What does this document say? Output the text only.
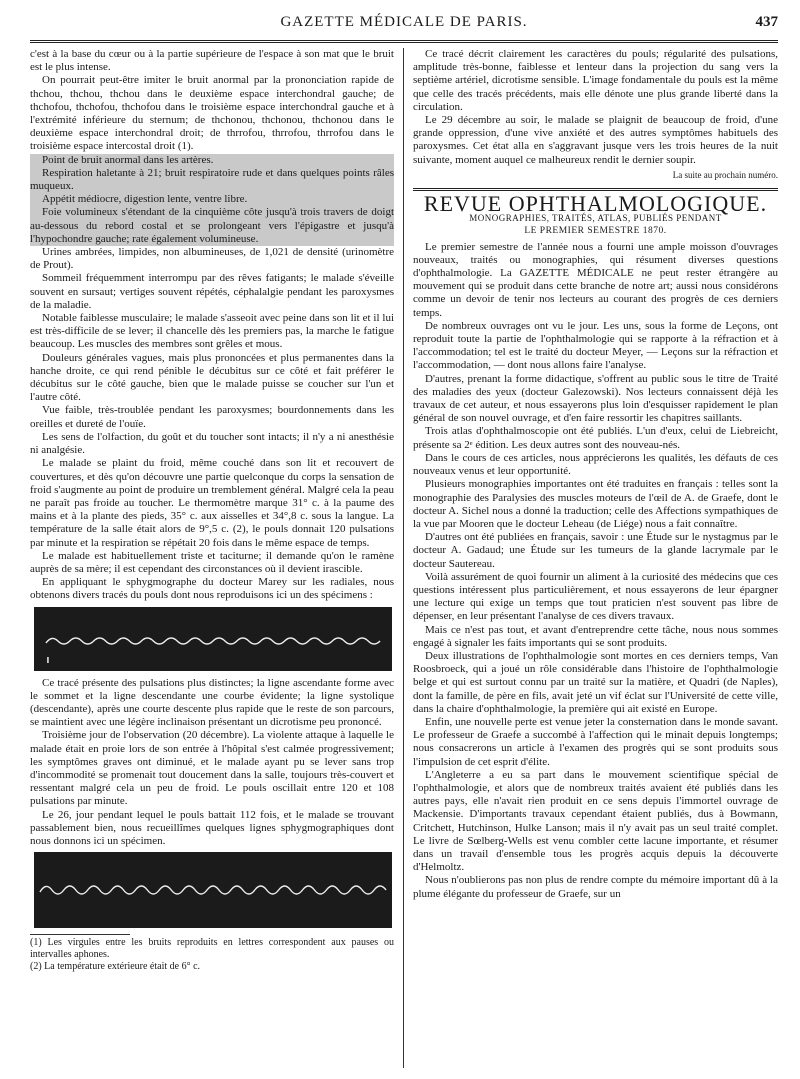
GAZETTE MÉDICALE DE PARIS.	437

c'est à la base du cœur ou à la partie supérieure de l'espace à son mat que le bruit est le plus intense.

On pourrait peut-être imiter le bruit anormal par la prononciation rapide de thchou, thchou, thchou dans le deuxième espace interchondral gauche; de thchofou, thchofou, thchofou dans le troisième espace interchondral gauche et à l'extrémité inférieure du sternum; de thchonou, thchonou, thchonou dans le deuxième espace interchondral droit; de thrrofou, thrrofou, thrrofou dans le troisième espace intercostal droit (1).

Point de bruit anormal dans les artères.

Respiration haletante à 21; bruit respiratoire rude et dans quelques points râles muqueux.

Appétit médiocre, digestion lente, ventre libre.

Foie volumineux s'étendant de la cinquième côte jusqu'à trois travers de doigt au-dessous du rebord costal et se prolongeant vers l'épigastre et jusqu'à l'hypochondre gauche; rate également volumineuse.

Urines ambrées, limpides, non albumineuses, de 1,021 de densité (urinomètre de Prout).

Sommeil fréquemment interrompu par des rêves fatigants; le malade s'éveille souvent en sursaut; vertiges souvent répétés, céphalalgie pendant les paroxysmes de la maladie.

Notable faiblesse musculaire; le malade s'asseoit avec peine dans son lit et il lui est très-difficile de se lever; il chancelle dès les premiers pas, la marche le fatigue beaucoup. Les muscles des membres sont grêles et mous.

Douleurs générales vagues, mais plus prononcées et plus permanentes dans la hanche droite, ce qui rend pénible le décubitus sur ce côté et fait préférer le décubitus sur le côté gauche, bien que le malade puisse se coucher sur l'un et l'autre côté.

Vue faible, très-troublée pendant les paroxysmes; bourdonnements dans les oreilles et dureté de l'ouïe.

Les sens de l'olfaction, du goût et du toucher sont intacts; il n'y a ni anesthésie ni analgésie.

Le malade se plaint du froid, même couché dans son lit et recouvert de couvertures, et dès qu'on découvre une partie quelconque du corps la sensation de froid s'augmente au point de produire un tremblement général. Malgré cela la peau ne paraît pas froide au toucher. Le thermomètre marque 31° c. à la paume des mains et à la plante des pieds, 35° c. aux aisselles et 34°,8 c. sous la langue. La température de la salle était alors de 9°,5 c. (2), le pouls donnait 120 pulsations par minute et la respiration se répétait 20 fois dans le même espace de temps.

Le malade est habituellement triste et taciturne; il demande qu'on le ramène auprès de sa mère; il est cependant des circonstances où il devient irascible.

En appliquant le sphygmographe du docteur Marey sur les radiales, nous obtenons divers tracés du pouls dont nous reproduisons ici un des spécimens :

Ce tracé présente des pulsations plus distinctes; la ligne ascendante forme avec le sommet et la ligne descendante une courbe évidente; la ligne systolique (descendante), après une courte descente plus rapide que le reste de son parcours, se maintient avec une légère inclinaison présentant un dicrotisme peu prononcé.

Troisième jour de l'observation (20 décembre). La violente attaque à laquelle le malade était en proie lors de son entrée à l'hôpital s'est calmée progressivement; les symptômes graves ont diminué, et le malade ayant pu se lever sans trop d'incommodité se promenait tout doucement dans la salle, toujours très-couvert et ressentant malgré cela un peu de froid. Le pouls oscillait entre 120 et 108 pulsations par minute.

Le 26, jour pendant lequel le pouls battait 112 fois, et le malade se trouvant passablement bien, nous recueillîmes quelques lignes sphygmographiques dont nous donnons ici un spécimen.

(1) Les virgules entre les bruits reproduits en lettres correspondent aux pauses ou intervalles aphones.

(2) La température extérieure était de 6° c.

Ce tracé décrit clairement les caractères du pouls; régularité des pulsations, amplitude très-bonne, faiblesse et lenteur dans la projection du sang vers la septième artériel, dicrotisme sensible. L'image fondamentale du pouls est la même que celle des tracés précédents, mais elle dénote une plus grande liberté dans la circulation.

Le 29 décembre au soir, le malade se plaignit de beaucoup de froid, d'une grande oppression, d'une vive anxiété et des autres symptômes habituels des paroxysmes. Cet état alla en s'aggravant jusque vers les trois heures de la nuit suivante, moment auquel ce malheureux rendit le dernier soupir.

La suite au prochain numéro.
REVUE OPHTHALMOLOGIQUE.
MONOGRAPHIES, TRAITÉS, ATLAS, PUBLIÉS PENDANT
LE PREMIER SEMESTRE 1870.

Le premier semestre de l'année nous a fourni une ample moisson d'ouvrages nouveaux, traités ou monographies, qui résument diverses questions d'ophthalmologie. La GAZETTE MÉDICALE ne peut rester étrangère au mouvement qui se produit dans cette branche de notre art; aussi nous considérons comme un devoir de tenir nos lecteurs au courant des progrès de ces derniers temps.

De nombreux ouvrages ont vu le jour. Les uns, sous la forme de Leçons, ont reproduit toute la partie de l'ophthalmologie qui se rapporte à la réfraction et à l'accommodation; tel est le traité du docteur Meyer, — Leçons sur la réfraction et l'accommodation, — dont nous allons faire l'analyse.

D'autres, prenant la forme didactique, s'offrent au public sous le titre de Traité des maladies des yeux (docteur Galezowski). Nos lecteurs connaissent déjà les travaux de cet auteur, et nous essayerons plus loin d'esquisser rapidement le plan général de son nouvel ouvrage, et d'en faire ressortir les chapitres saillants.

Trois atlas d'ophthalmoscopie ont été publiés. L'un d'eux, celui de Liebreicht, présente sa 2ᵉ édition. Les deux autres sont des nouveau-nés.

Dans le cours de ces articles, nous apprécierons les qualités, les défauts de ces nouveaux venus et leur opportunité.

Plusieurs monographies importantes ont été traduites en français : telles sont la monographie des Paralysies des muscles moteurs de l'œil de A. de Graefe, dont le docteur A. Sichel nous a donné la traduction; celle des Affections sympathiques de la vue par Mooren que le docteur Leheau (de Liége) nous a fait connaître.

D'autres ont été publiées en français, savoir : une Étude sur le nystagmus par le docteur A. Gadaud; une Étude sur les tumeurs de la glande lacrymale par le docteur Sautereau.

Voilà assurément de quoi fournir un aliment à la curiosité des médecins que ces questions intéressent plus particulièrement, et nous essayerons de leur épargner une lecture qui exige un temps que tout praticien n'est souvent pas libre de dépenser, en leur présentant l'analyse de ces divers travaux.

Mais ce n'est pas tout, et avant d'entreprendre cette tâche, nous nous sommes engagé à signaler les faits importants qui se sont produits.

Deux illustrations de l'ophthalmologie sont mortes en ces derniers temps, Van Roosbroeck, qui a joué un rôle considérable dans l'histoire de l'ophthalmologie belge et qui est surtout connu par un traité sur la matière, et Quadri (de Naples), dont la famille, de père en fils, avait jeté un vif éclat sur l'Université de cette ville, dans la chaire d'ophthalmologie, la première qui ait existé en Europe.

Enfin, une nouvelle perte est venue jeter la consternation dans le monde savant. Le professeur de Graefe a succombé à l'affection qui le minait depuis longtemps; nous consacrerons un article à l'examen des progrès qui se sont produits sous l'impulsion de cet esprit d'élite.

L'Angleterre a eu sa part dans le mouvement scientifique spécial de l'ophthalmologie, et alors que de nombreux traités avaient été publiés dans les autres pays, elle n'avait rien produit en ce sens depuis l'immortel ouvrage de Mackensie. D'importants travaux cependant étaient publiés, dus à Bowmann, Critchett, Hutchinson, Hulke Lanson; mais il n'y avait pas un seul traité complet. Le livre de Sœlberg-Wells est venu combler cette lacune importante, et résumer dans un travail d'ensemble tous les progrès acquis depuis la découverte d'Helmoltz.

Nous n'oublierons pas non plus de rendre compte du mémoire important dû à la plume élégante du professeur de Graefe, sur un
